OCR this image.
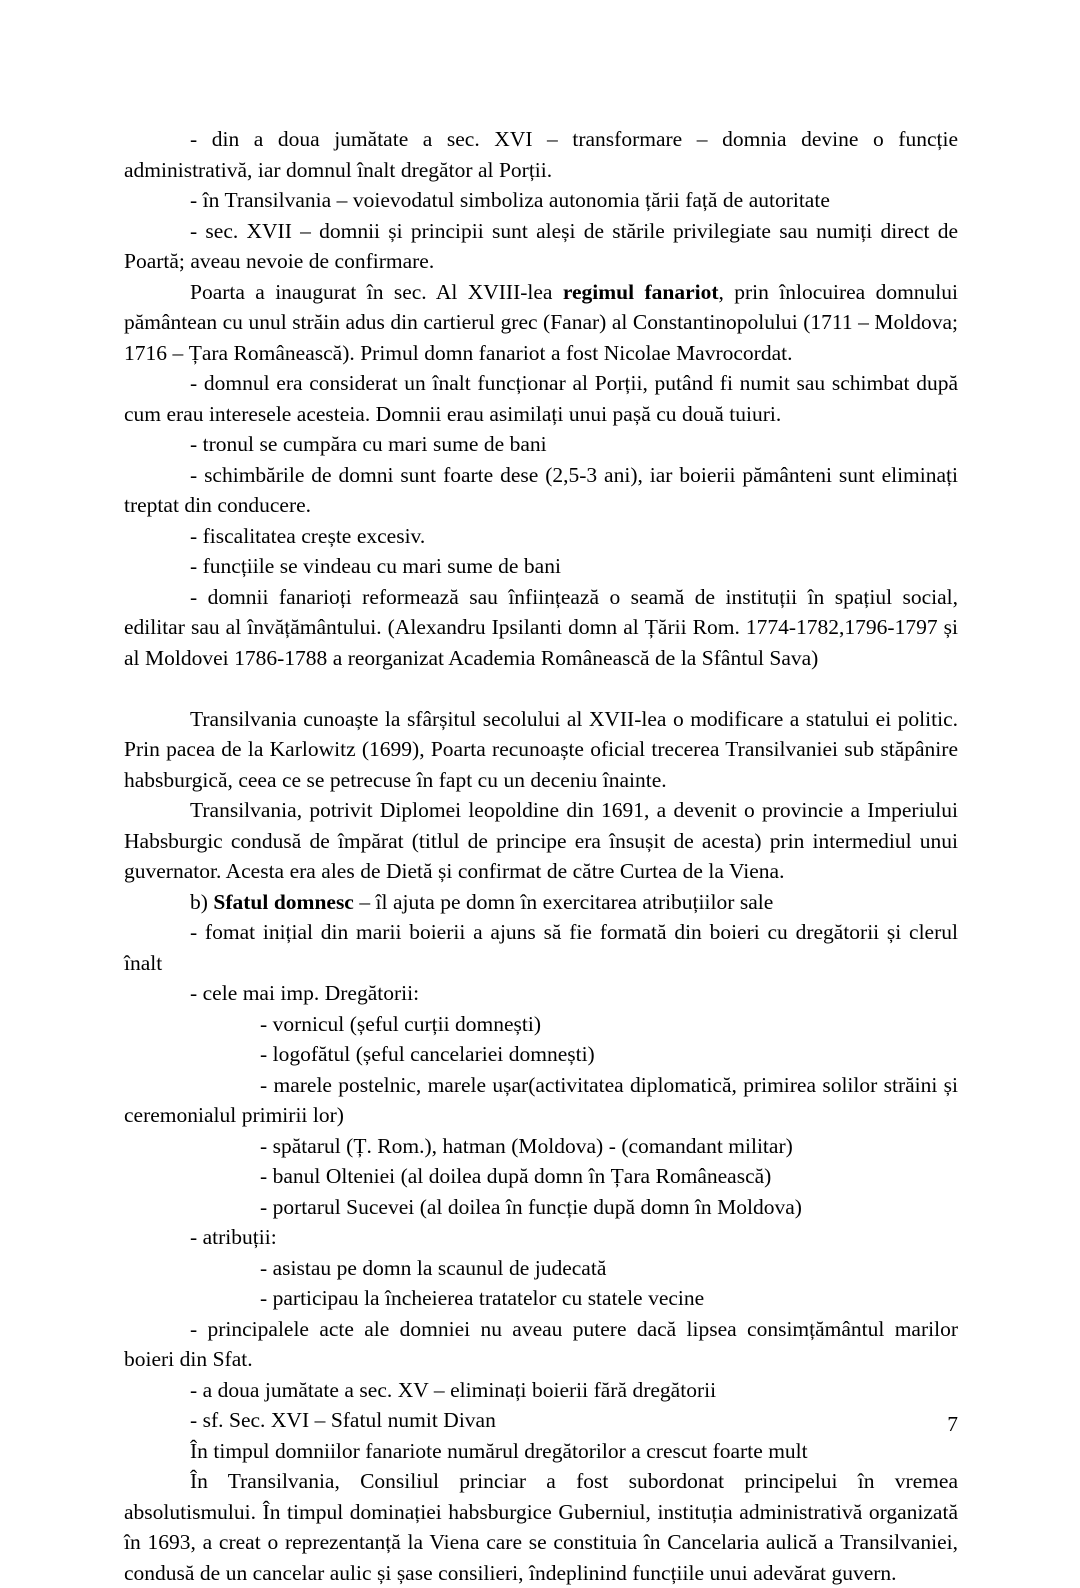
- din a doua jumătate a sec. XVI – transformare – domnia devine o funcție administrativă, iar domnul înalt dregător al Porții.

- în Transilvania – voievodatul simboliza autonomia țării față de autoritate

- sec. XVII – domnii și principii sunt aleși de stările privilegiate sau numiți direct de Poartă; aveau nevoie de confirmare.

Poarta a inaugurat în sec. Al XVIII-lea regimul fanariot, prin înlocuirea domnului pământean cu unul străin adus din cartierul grec (Fanar) al Constantinopolului (1711 – Moldova; 1716 – Țara Românească). Primul domn fanariot a fost Nicolae Mavrocordat.

- domnul era considerat un înalt funcționar al Porții, putând fi numit sau schimbat după cum erau interesele acesteia. Domnii erau asimilați unui pașă cu două tuiuri.

- tronul se cumpăra cu mari sume de bani

- schimbările de domni sunt foarte dese (2,5-3 ani), iar boierii pământeni sunt eliminați treptat din conducere.

- fiscalitatea crește excesiv.

- funcțiile se vindeau cu mari sume de bani

- domnii fanarioți reformează sau înființează o seamă de instituții în spațiul social, edilitar sau al învățământului. (Alexandru Ipsilanti domn al Țării Rom. 1774-1782,1796-1797 și al Moldovei 1786-1788 a reorganizat Academia Românească de la Sfântul Sava)

Transilvania cunoaște la sfârșitul secolului al XVII-lea o modificare a statului ei politic. Prin pacea de la Karlowitz (1699), Poarta recunoaște oficial trecerea Transilvaniei sub stăpânire habsburgică, ceea ce se petrecuse în fapt cu un deceniu înainte.

Transilvania, potrivit Diplomei leopoldine din 1691, a devenit o provincie a Imperiului Habsburgic condusă de împărat (titlul de principe era însușit de acesta) prin intermediul unui guvernator. Acesta era ales de Dietă și confirmat de către Curtea de la Viena.

b) Sfatul domnesc – îl ajuta pe domn în exercitarea atribuțiilor sale

- fomat inițial din marii boierii a ajuns să fie formată din boieri cu dregătorii și clerul înalt

- cele mai imp. Dregătorii:

- vornicul (șeful curții domnești)

- logofătul (șeful cancelariei domnești)

- marele postelnic, marele ușar(activitatea diplomatică, primirea solilor străini și ceremonialul primirii lor)

- spătarul (Ț. Rom.), hatman (Moldova) - (comandant militar)

- banul Olteniei (al doilea după domn în Țara Românească)

- portarul Sucevei (al doilea în funcție după domn în Moldova)

- atribuții:

- asistau pe domn la scaunul de judecată

- participau la încheierea tratatelor cu statele vecine

- principalele acte ale domniei nu aveau putere dacă lipsea consimțământul marilor boieri din Sfat.

- a doua jumătate a sec. XV – eliminați boierii fără dregătorii

- sf. Sec. XVI – Sfatul numit Divan

În timpul domniilor fanariote numărul dregătorilor a crescut foarte mult

În Transilvania, Consiliul princiar a fost subordonat principelui în vremea absolutismului. În timpul dominației habsburgice Guberniul, instituția administrativă organizată în 1693, a creat o reprezentanță la Viena care se constituia în Cancelaria aulică a Transilvaniei, condusă de un cancelar aulic și șase consilieri, îndeplinind funcțiile unui adevărat guvern.

7
